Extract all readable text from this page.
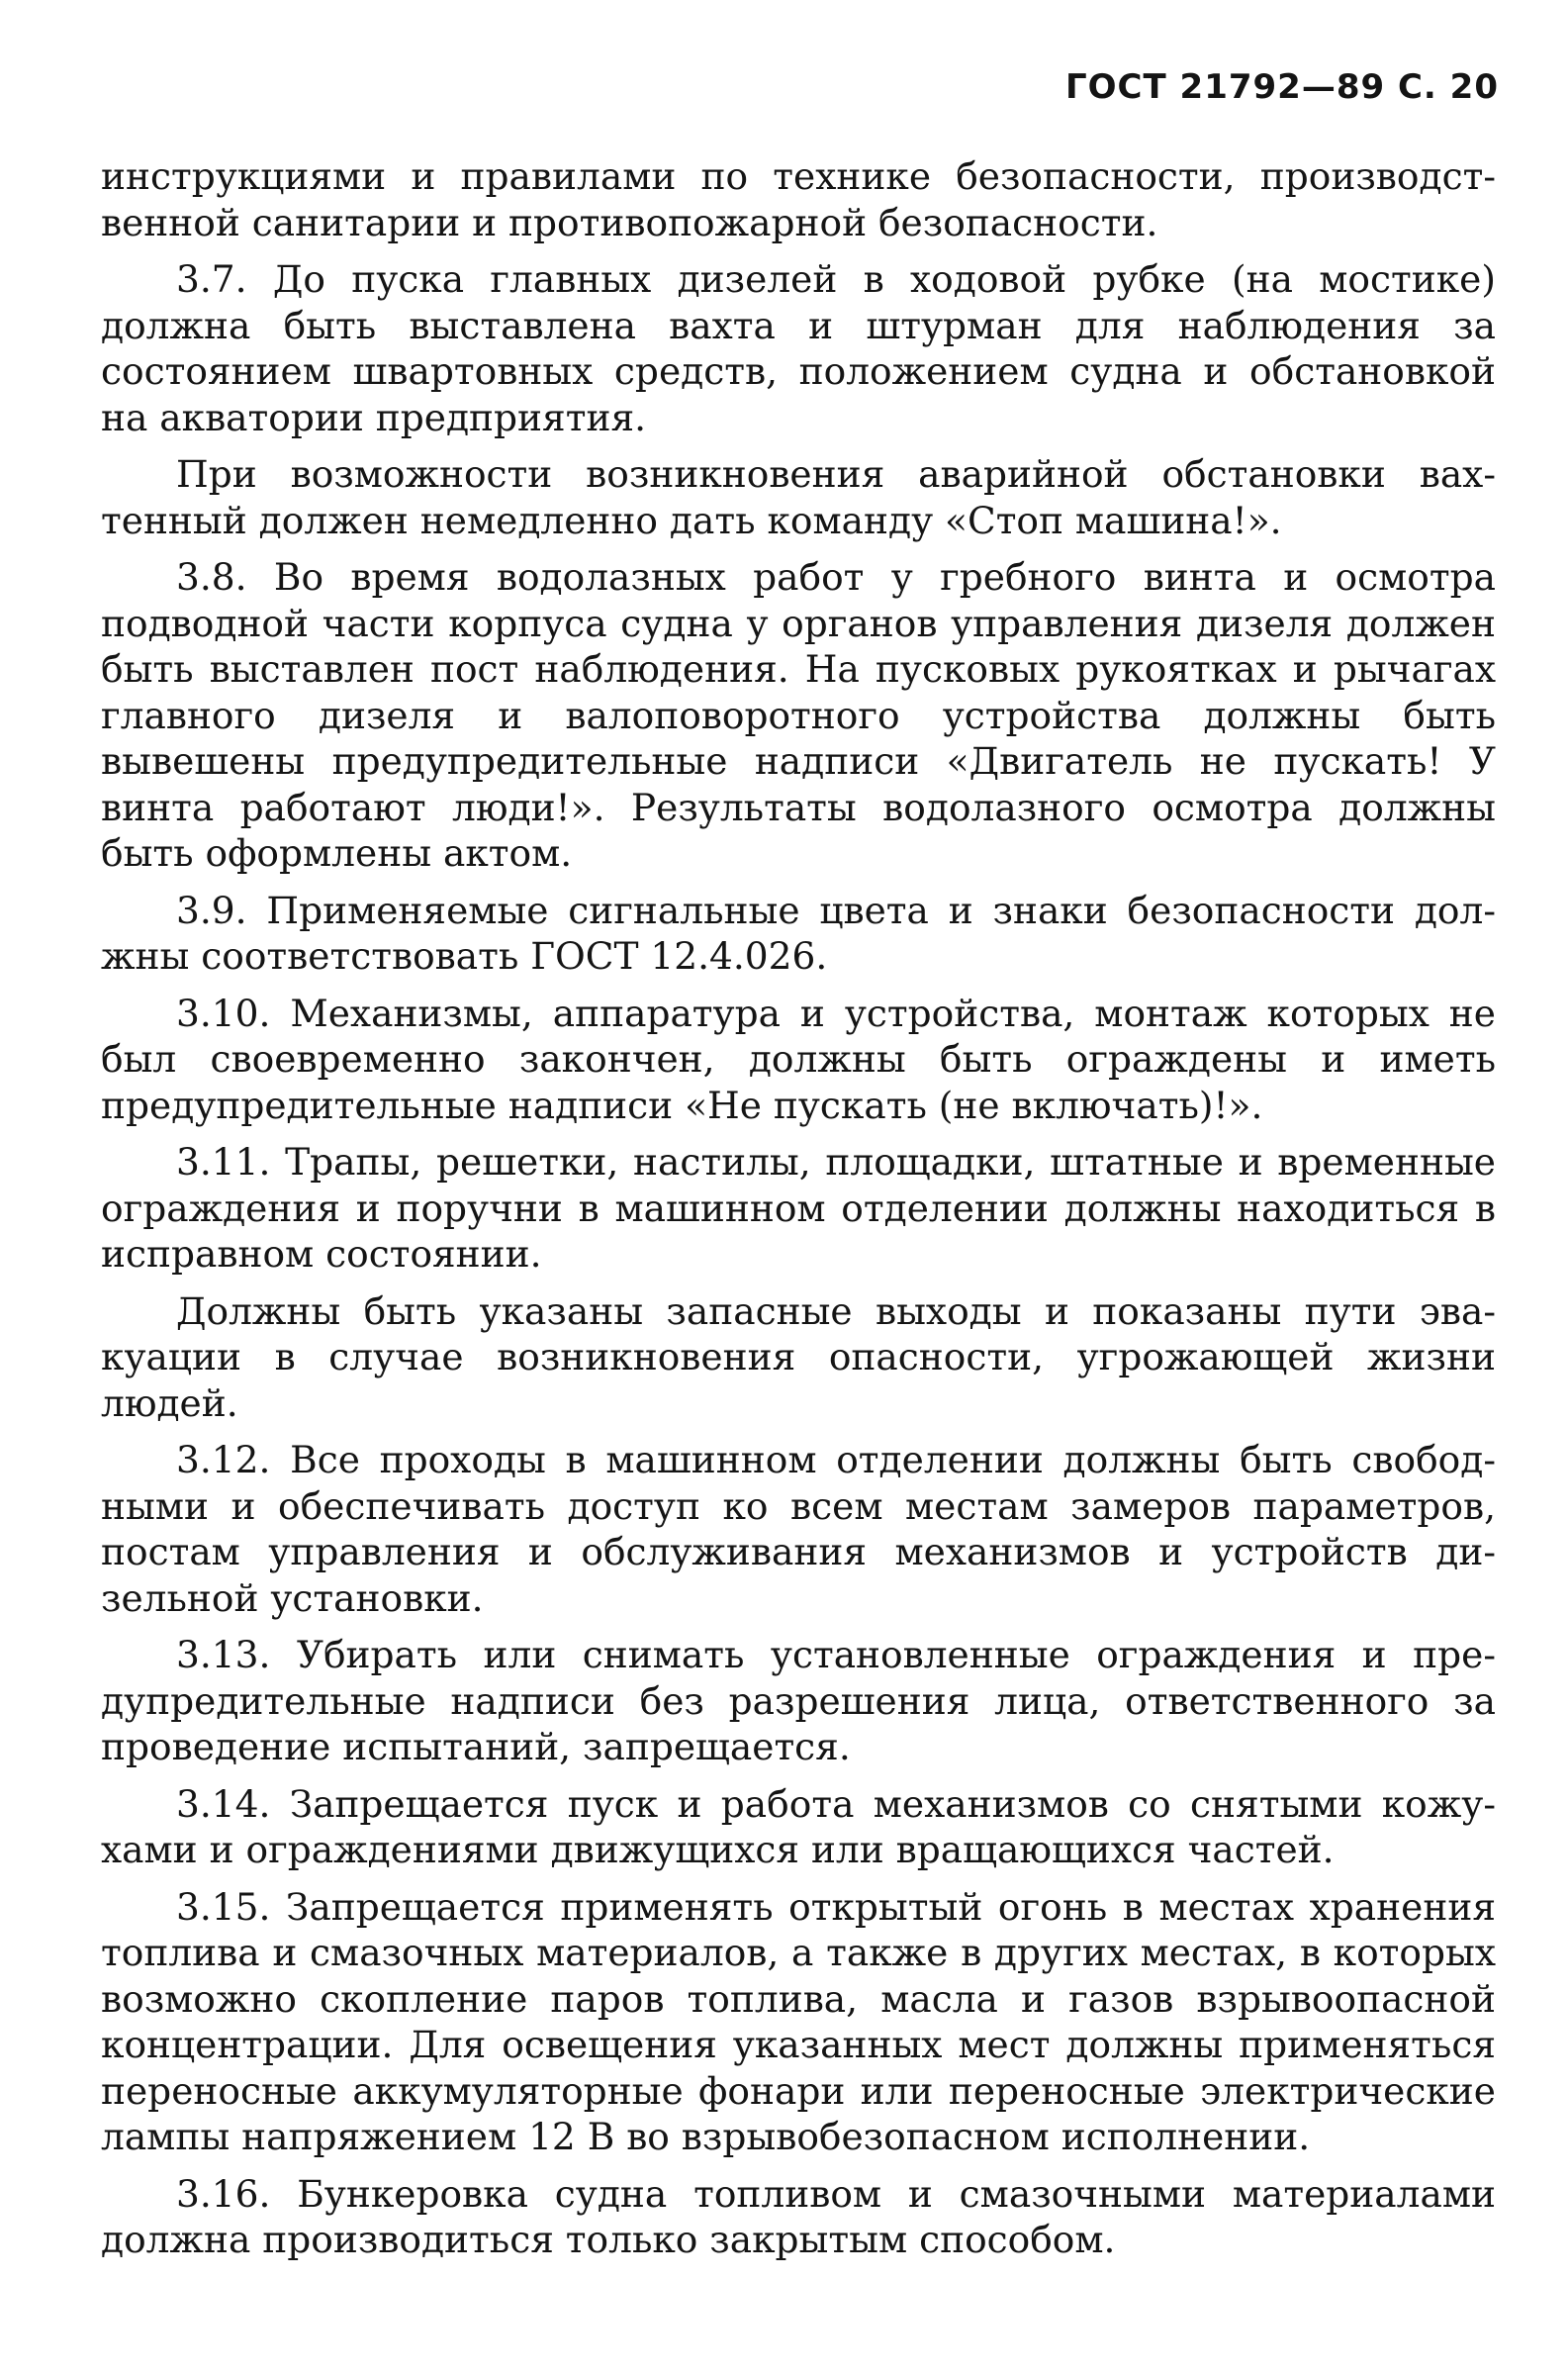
ГОСТ 21792—89 С. 20

инструкциями и правилами по технике безопасности, производственной санитарии и противопожарной безопасности.

3.7. До пуска главных дизелей в ходовой рубке (на мостике) должна быть выставлена вахта и штурман для наблюдения за состоянием швартовных средств, положением судна и обстановкой на акватории предприятия.

При возможности возникновения аварийной обстановки вахтенный должен немедленно дать команду «Стоп машина!».

3.8. Во время водолазных работ у гребного винта и осмотра подводной части корпуса судна у органов управления дизеля должен быть выставлен пост наблюдения. На пусковых рукоятках и рычагах главного дизеля и валоповоротного устройства должны быть вывешены предупредительные надписи «Двигатель не пускать! У винта работают люди!». Результаты водолазного осмотра должны быть оформлены актом.

3.9. Применяемые сигнальные цвета и знаки безопасности должны соответствовать ГОСТ 12.4.026.

3.10. Механизмы, аппаратура и устройства, монтаж которых не был своевременно закончен, должны быть ограждены и иметь предупредительные надписи «Не пускать (не включать)!».

3.11. Трапы, решетки, настилы, площадки, штатные и временные ограждения и поручни в машинном отделении должны находиться в исправном состоянии.

Должны быть указаны запасные выходы и показаны пути эвакуации в случае возникновения опасности, угрожающей жизни людей.

3.12. Все проходы в машинном отделении должны быть свободными и обеспечивать доступ ко всем местам замеров параметров, постам управления и обслуживания механизмов и устройств дизельной установки.

3.13. Убирать или снимать установленные ограждения и предупредительные надписи без разрешения лица, ответственного за проведение испытаний, запрещается.

3.14. Запрещается пуск и работа механизмов со снятыми кожухами и ограждениями движущихся или вращающихся частей.

3.15. Запрещается применять открытый огонь в местах хранения топлива и смазочных материалов, а также в других местах, в которых возможно скопление паров топлива, масла и газов взрывоопасной концентрации. Для освещения указанных мест должны применяться переносные аккумуляторные фонари или переносные электрические лампы напряжением 12 В во взрывобезопасном исполнении.

3.16. Бункеровка судна топливом и смазочными материалами должна производиться только закрытым способом.
